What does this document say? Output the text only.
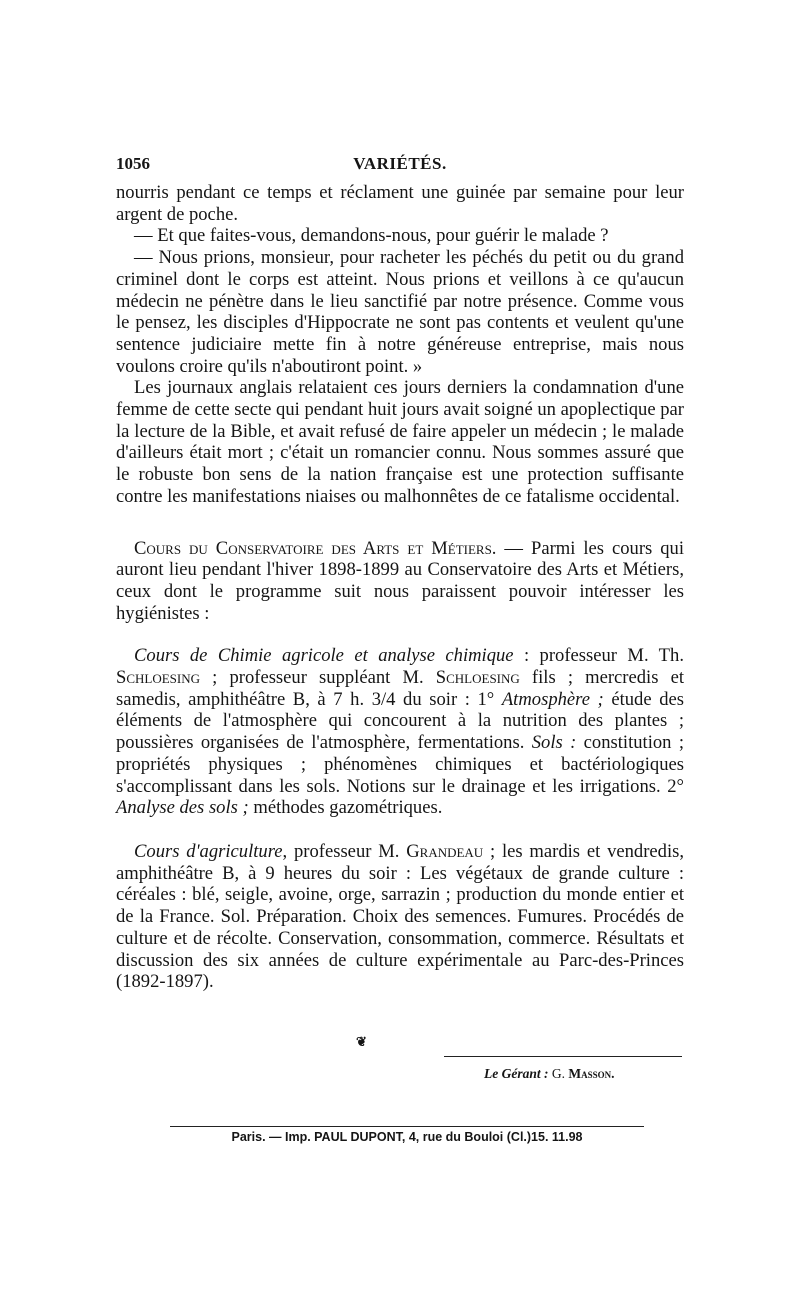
1056	VARIÉTÉS.

nourris pendant ce temps et réclament une guinée par semaine pour leur argent de poche.

— Et que faites-vous, demandons-nous, pour guérir le malade ?

— Nous prions, monsieur, pour racheter les péchés du petit ou du grand criminel dont le corps est atteint. Nous prions et veillons à ce qu'aucun médecin ne pénètre dans le lieu sanctifié par notre présence. Comme vous le pensez, les disciples d'Hippocrate ne sont pas contents et veulent qu'une sentence judiciaire mette fin à notre généreuse entreprise, mais nous voulons croire qu'ils n'aboutiront point. »

Les journaux anglais relataient ces jours derniers la condamnation d'une femme de cette secte qui pendant huit jours avait soigné un apoplectique par la lecture de la Bible, et avait refusé de faire appeler un médecin ; le malade d'ailleurs était mort ; c'était un romancier connu. Nous sommes assuré que le robuste bon sens de la nation française est une protection suffisante contre les manifestations niaises ou malhonnêtes de ce fatalisme occidental.

Cours du Conservatoire des Arts et Métiers. — Parmi les cours qui auront lieu pendant l'hiver 1898-1899 au Conservatoire des Arts et Métiers, ceux dont le programme suit nous paraissent pouvoir intéresser les hygiénistes :

Cours de Chimie agricole et analyse chimique : professeur M. Th. Schloesing ; professeur suppléant M. Schloesing fils ; mercredis et samedis, amphithéâtre B, à 7 h. 3/4 du soir : 1° Atmosphère ; étude des éléments de l'atmosphère qui concourent à la nutrition des plantes ; poussières organisées de l'atmosphère, fermentations. Sols : constitution ; propriétés physiques ; phénomènes chimiques et bactériologiques s'accomplissant dans les sols. Notions sur le drainage et les irrigations. 2° Analyse des sols ; méthodes gazométriques.

Cours d'agriculture, professeur M. Grandeau ; les mardis et vendredis, amphithéâtre B, à 9 heures du soir : Les végétaux de grande culture : céréales : blé, seigle, avoine, orge, sarrazin ; production du monde entier et de la France. Sol. Préparation. Choix des semences. Fumures. Procédés de culture et de récolte. Conservation, consommation, commerce. Résultats et discussion des six années de culture expérimentale au Parc-des-Princes (1892-1897).

❦
Le Gérant : G. Masson.
Paris. — Imp. PAUL DUPONT, 4, rue du Bouloi (Cl.)15. 11.98
